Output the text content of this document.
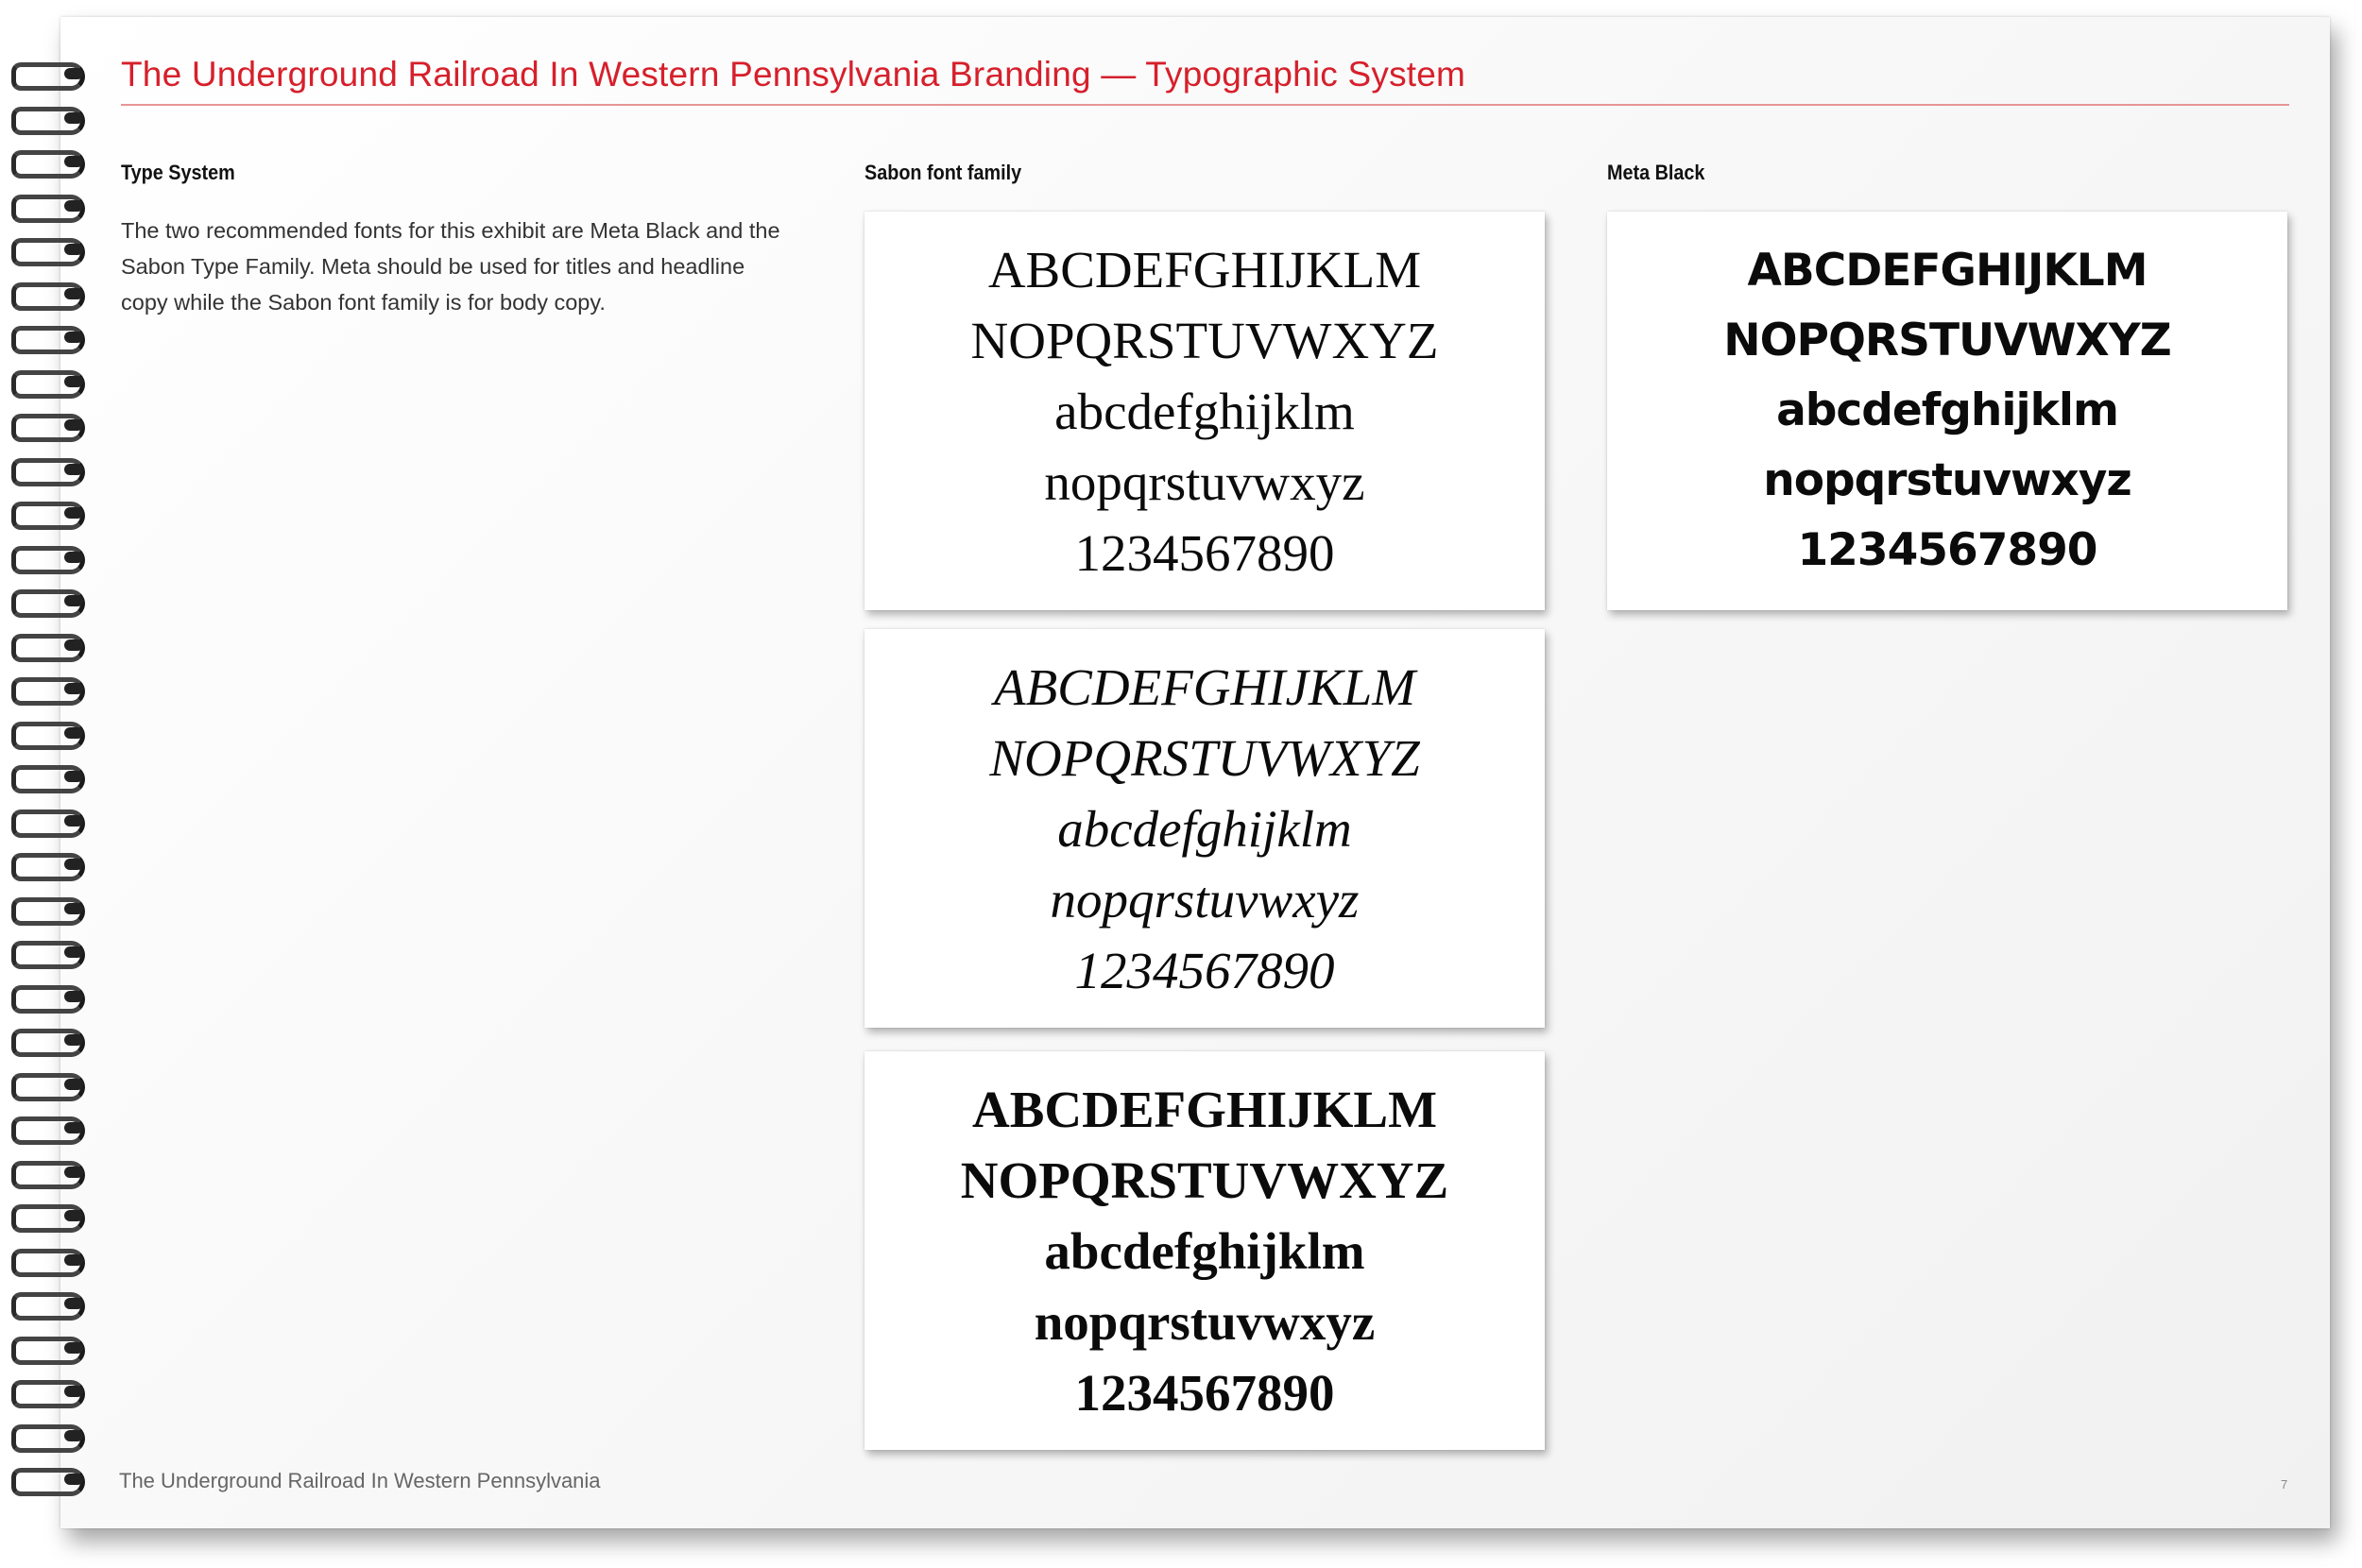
The Underground Railroad In Western Pennsylvania Branding — Typographic System
Type System
The two recommended fonts for this exhibit are Meta Black and the Sabon Type Family. Meta should be used for titles and headline copy while the Sabon font family is for body copy.
Sabon font family	Meta Black
ABCDEFGHIJKLM
NOPQRSTUVWXYZ
abcdefghijklm
nopqrstuvwxyz
1234567890
ABCDEFGHIJKLM
NOPQRSTUVWXYZ
abcdefghijklm
nopqrstuvwxyz
1234567890
ABCDEFGHIJKLM
NOPQRSTUVWXYZ
abcdefghijklm
nopqrstuvwxyz
1234567890
ABCDEFGHIJKLM
NOPQRSTUVWXYZ
abcdefghijklm
nopqrstuvwxyz
1234567890
The Underground Railroad In Western Pennsylvania	7
